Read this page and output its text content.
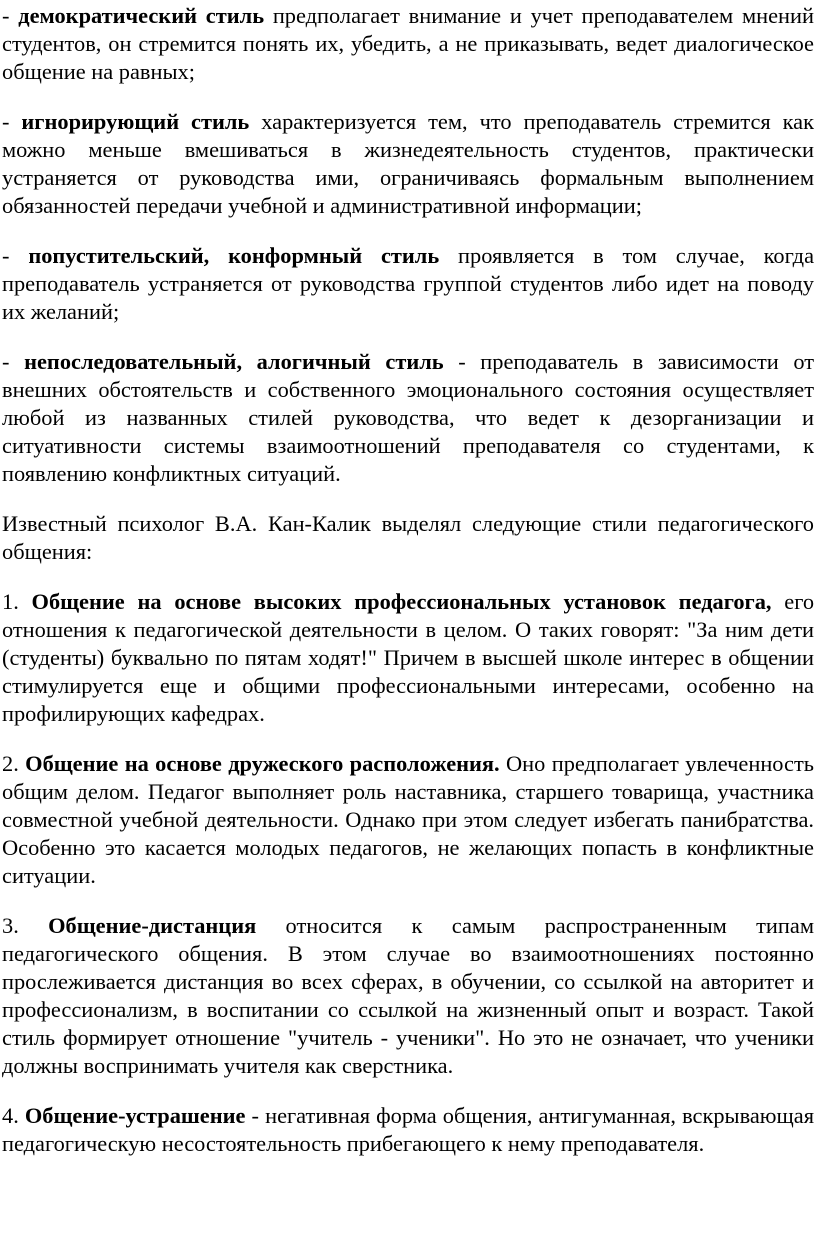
- демократический стиль предполагает внимание и учет преподавателем мнений студентов, он стремится понять их, убедить, а не приказывать, ведет диалогическое общение на равных;

- игнорирующий стиль характеризуется тем, что преподаватель стремится как можно меньше вмешиваться в жизнедеятельность студентов, практически устраняется от руководства ими, ограничиваясь формальным выполнением обязанностей передачи учебной и административной информации;

- попустительский, конформный стиль проявляется в том случае, когда преподаватель устраняется от руководства группой студентов либо идет на поводу их желаний;

- непоследовательный, алогичный стиль - преподаватель в зависимости от внешних обстоятельств и собственного эмоционального состояния осуществляет любой из названных стилей руководства, что ведет к дезорганизации и ситуативности системы взаимоотношений преподавателя со студентами, к появлению конфликтных ситуаций.

Известный психолог В.А. Кан-Калик выделял следующие стили педагогического общения:

1. Общение на основе высоких профессиональных установок педагога, его отношения к педагогической деятельности в целом. О таких говорят: "За ним дети (студенты) буквально по пятам ходят!" Причем в высшей школе интерес в общении стимулируется еще и общими профессиональными интересами, особенно на профилирующих кафедрах.

2. Общение на основе дружеского расположения. Оно предполагает увлеченность общим делом. Педагог выполняет роль наставника, старшего товарища, участника совместной учебной деятельности. Однако при этом следует избегать панибратства. Особенно это касается молодых педагогов, не желающих попасть в конфликтные ситуации.

3. Общение-дистанция относится к самым распространенным типам педагогического общения. В этом случае во взаимоотношениях постоянно прослеживается дистанция во всех сферах, в обучении, со ссылкой на авторитет и профессионализм, в воспитании со ссылкой на жизненный опыт и возраст. Такой стиль формирует отношение "учитель - ученики". Но это не означает, что ученики должны воспринимать учителя как сверстника.

4. Общение-устрашение - негативная форма общения, антигуманная, вскрывающая педагогическую несостоятельность прибегающего к нему преподавателя.
